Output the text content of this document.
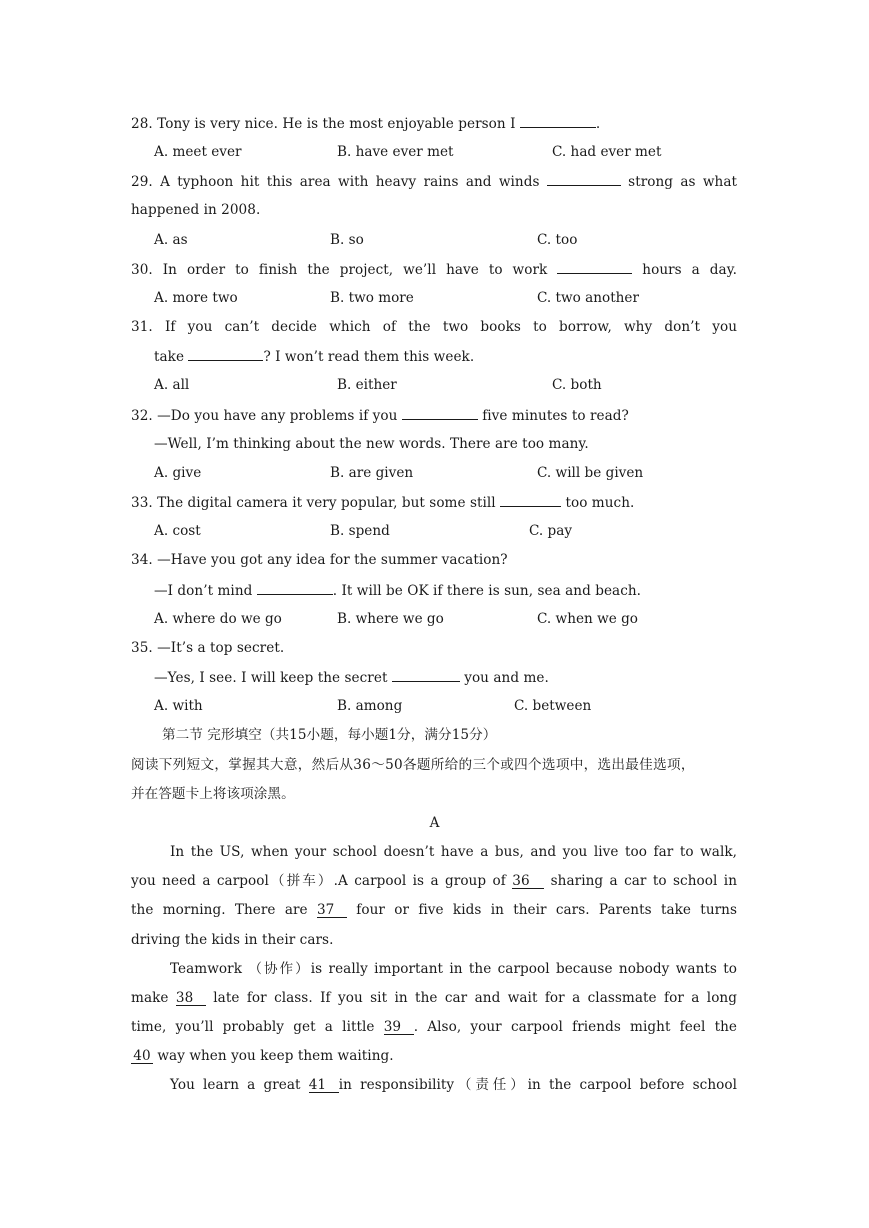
28. Tony is very nice. He is the most enjoyable person I	.
A. meet ever	B. have ever met	C. had ever met
29. A typhoon hit this area with heavy rains and winds	strong as what
happened in 2008.
A. as	B. so	C. too
30. In order to finish the project, we’ll have to work	hours a day.
A. more two	B. two more	C. two another
31. If you can’t decide which of the two books to borrow, why don’t you
take	? I won’t read them this week.
A. all	B. either	C. both
32. —Do you have any problems if you	five minutes to read?
—Well, I’m thinking about the new words. There are too many.
A. give	B. are given	C. will be given
33. The digital camera it very popular, but some still	too much.
A. cost	B. spend	C. pay
34. —Have you got any idea for the summer vacation?
—I don’t mind	. It will be OK if there is sun, sea and beach.
A. where do we go	B. where we go	C. when we go
35. —It’s a top secret.
—Yes, I see. I will keep the secret	you and me.
A. with	B. among	C. between
第二节 完形填空（共15小题，每小题1分，满分15分）
阅读下列短文，掌握其大意，然后从36～50各题所给的三个或四个选项中，选出最佳选项，
并在答题卡上将该项涂黑。
A
In the US, when your school doesn’t have a bus, and you live too far to walk,
you need a carpool（拼车）.A carpool is a group of 36 sharing a car to school in
the morning. There are 37 four or five kids in their cars. Parents take turns
driving the kids in their cars.
Teamwork （协作）is really important in the carpool because nobody wants to
make 38 late for class. If you sit in the car and wait for a classmate for a long
time, you’ll probably get a little 39 . Also, your carpool friends might feel the
40 way when you keep them waiting.
You learn a great 41 in responsibility（责任）in the carpool before school
